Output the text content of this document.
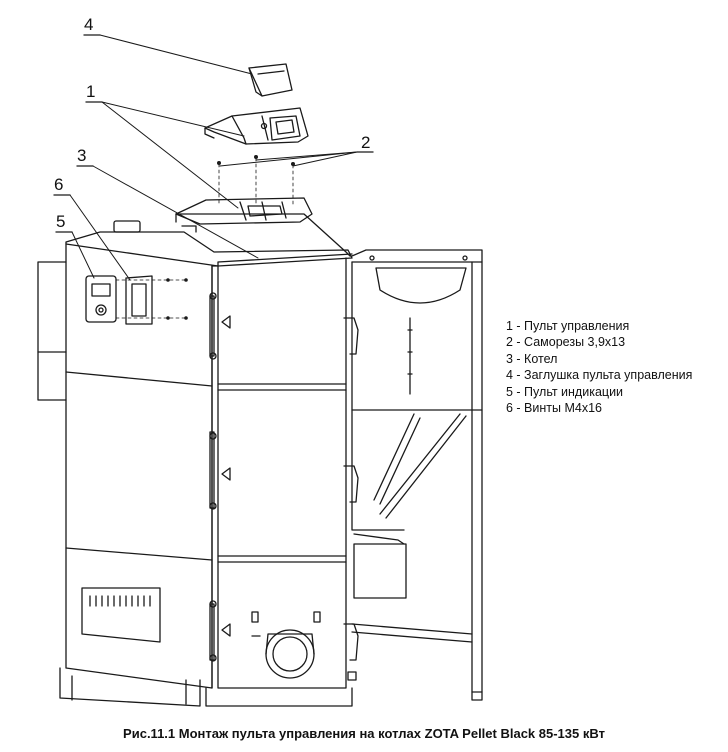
4
1
3
2
6
5
1 - Пульт управления
2 - Саморезы 3,9х13
3 - Котел
4 - Заглушка пульта управления
5 - Пульт индикации
6 - Винты М4х16
Рис.11.1 Монтаж пульта управления на котлах ZOTA Pellet Black 85-135 кВт
